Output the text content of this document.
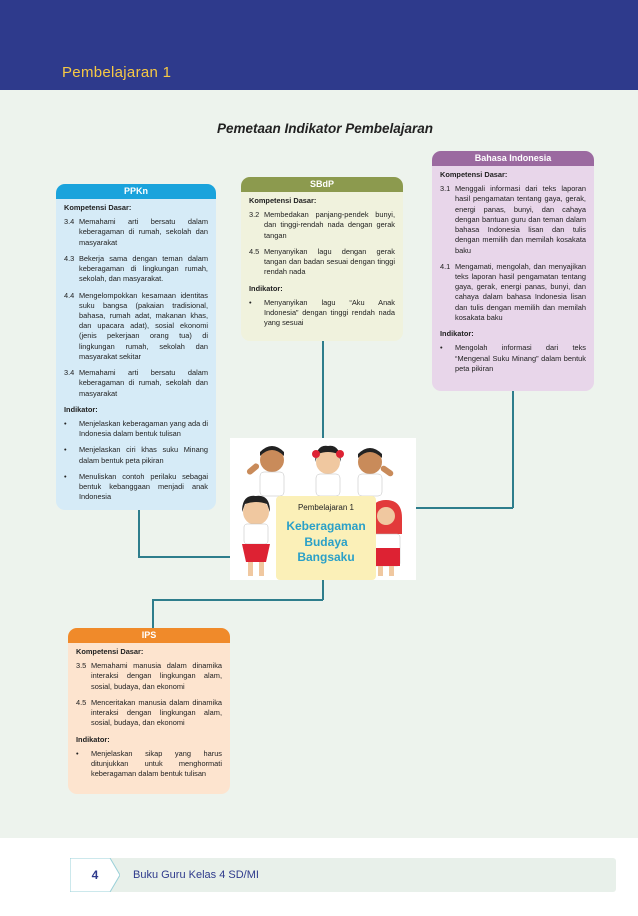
Pembelajaran 1
Pemetaan Indikator Pembelajaran
PPKn
Kompetensi Dasar:
3.4 Memahami arti bersatu dalam keberagaman di rumah, sekolah dan masyarakat
4.3 Bekerja sama dengan teman dalam keberagaman di lingkungan rumah, sekolah, dan masyarakat.
4.4 Mengelompokkan kesamaan identitas suku bangsa (pakaian tradisional, bahasa, rumah adat, makanan khas, dan upacara adat), sosial ekonomi (jenis pekerjaan orang tua) di lingkungan rumah, sekolah dan masyarakat sekitar
3.4 Memahami arti bersatu dalam keberagaman di rumah, sekolah dan masyarakat
Indikator:
•	Menjelaskan keberagaman yang ada di Indonesia dalam bentuk tulisan
•	Menjelaskan ciri khas suku Minang dalam bentuk peta pikiran
•	Menuliskan contoh perilaku sebagai bentuk kebanggaan menjadi anak Indonesia
SBdP
Kompetensi Dasar:
3.2 Membedakan panjang-pendek bunyi, dan tinggi-rendah nada dengan gerak tangan
4.5 Menyanyikan lagu dengan gerak tangan dan badan sesuai dengan tinggi rendah nada
Indikator:
•	Menyanyikan lagu “Aku Anak Indonesia” dengan tinggi rendah nada yang sesuai
Bahasa Indonesia
Kompetensi Dasar:
3.1 Menggali informasi dari teks laporan hasil pengamatan tentang gaya, gerak, energi panas, bunyi, dan cahaya dengan bantuan guru dan teman dalam bahasa Indonesia lisan dan tulis dengan memilih dan memilah kosakata baku
4.1 Mengamati, mengolah, dan menyajikan teks laporan hasil pengamatan tentang gaya, gerak, energi panas, bunyi, dan cahaya dalam bahasa Indonesia lisan dan tulis dengan memilih dan memilah kosakata baku
Indikator:
•	Mengolah informasi dari teks “Mengenal Suku Minang” dalam bentuk peta pikiran
IPS
Kompetensi Dasar:
3.5 Memahami manusia dalam dinamika interaksi dengan lingkungan alam, sosial, budaya, dan ekonomi
4.5 Menceritakan manusia dalam dinamika interaksi dengan lingkungan alam, sosial, budaya, dan ekonomi
Indikator:
•	Menjelaskan sikap yang harus ditunjukkan untuk menghormati keberagaman dalam bentuk tulisan
Pembelajaran 1
Keberagaman
Budaya
Bangsaku
4	Buku Guru Kelas 4 SD/MI
